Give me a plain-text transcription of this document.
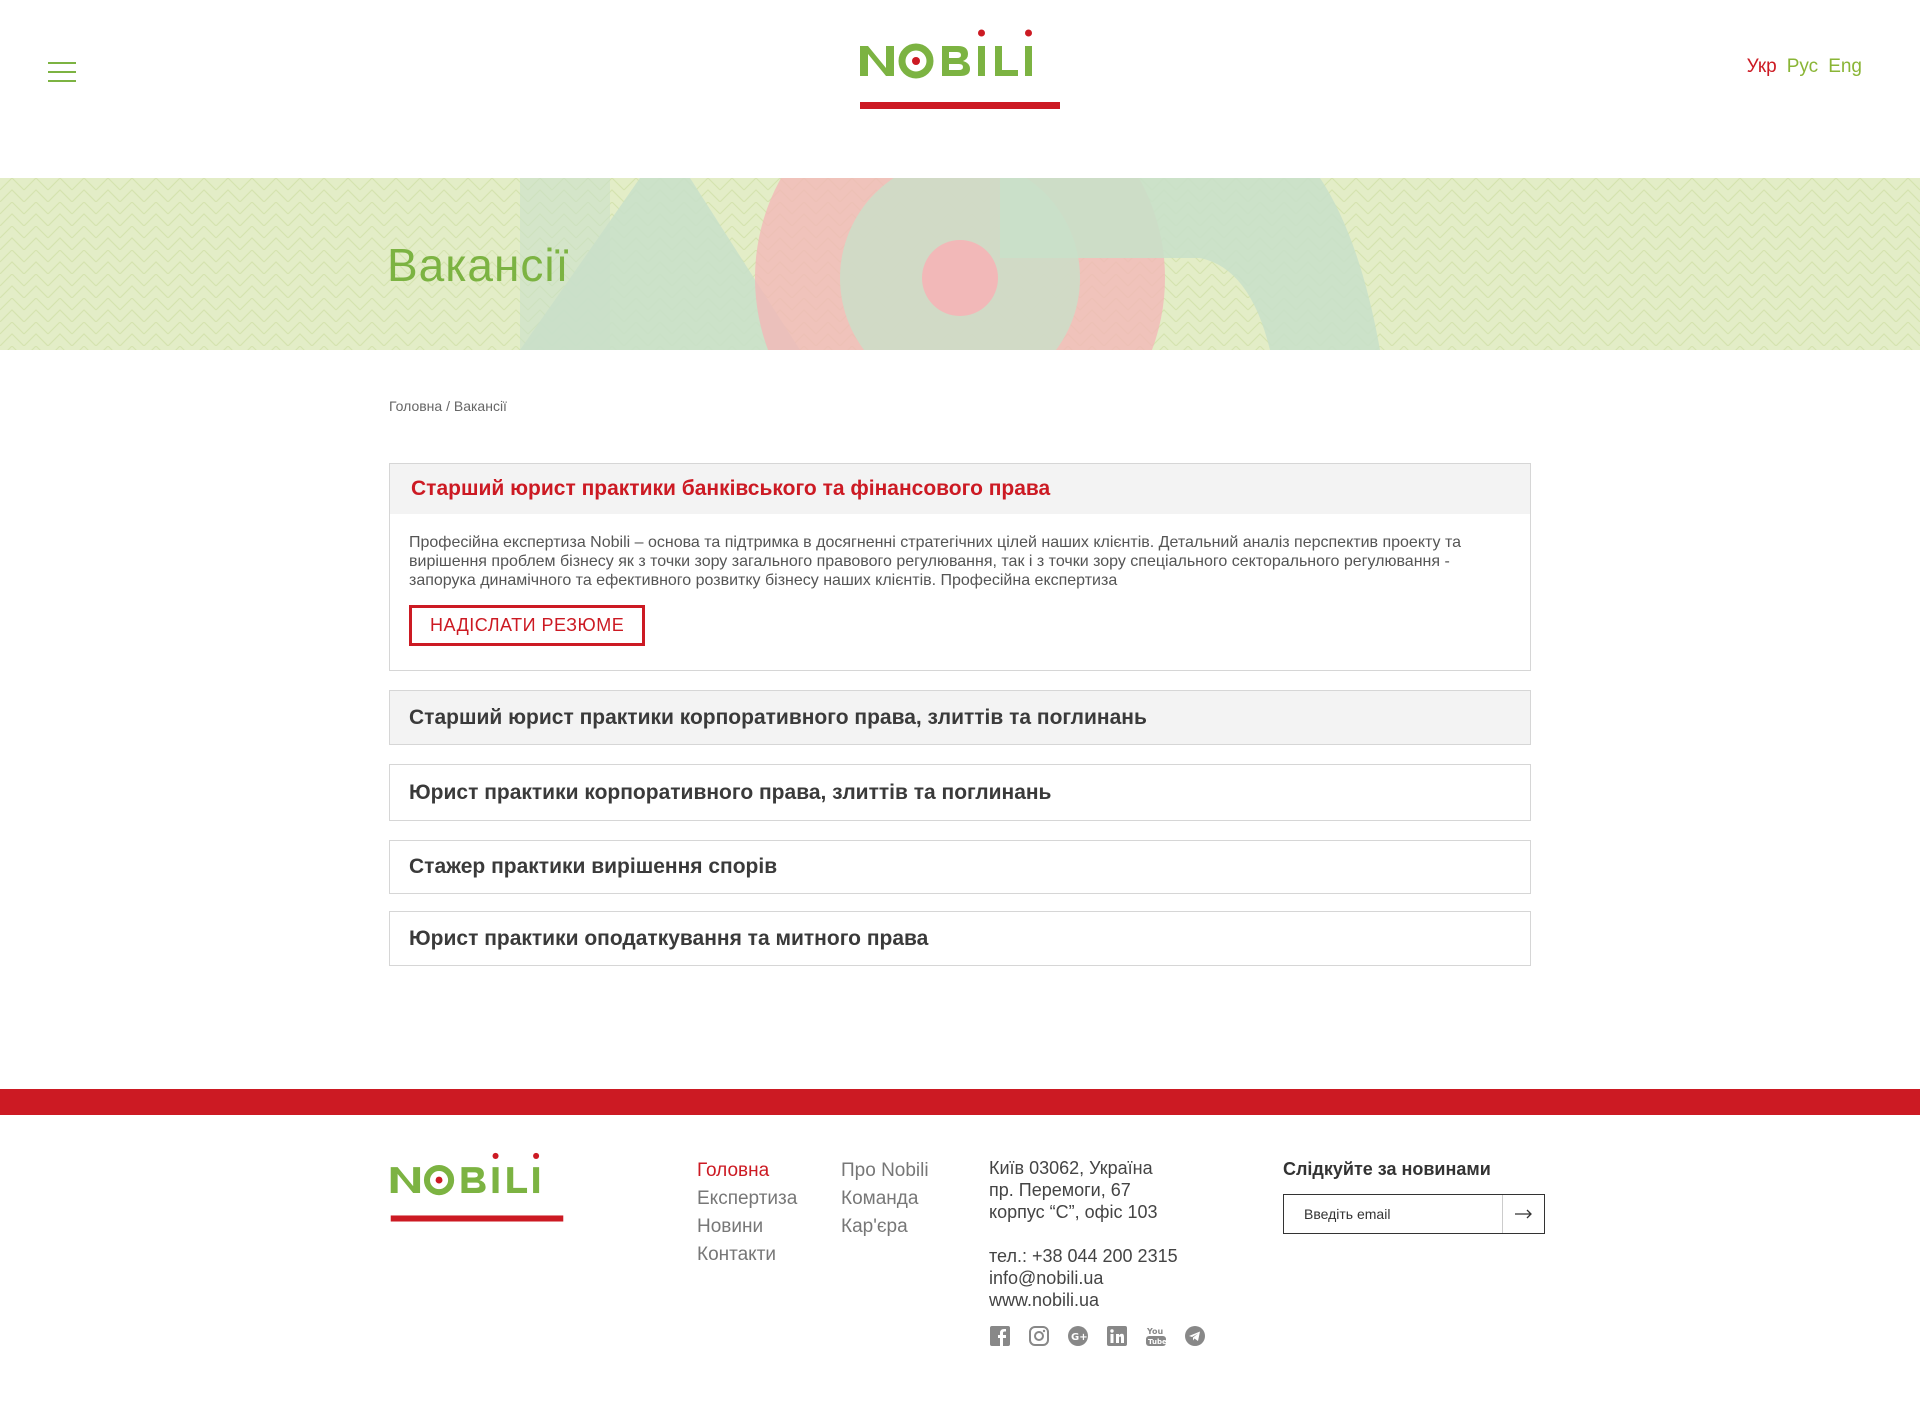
Укр Рус Eng
Вакансії
Головна / Вакансії
Старший юрист практики банківського та фінансового права

Професійна експертиза Nobili – основа та підтримка в досягненні стратегічних цілей наших клієнтів. Детальний аналіз перспектив проекту та вирішення проблем бізнесу як з точки зору загального правового регулювання, так і з точки зору спеціального секторального регулювання - запорука динамічного та ефективного розвитку бізнесу наших клієнтів. Професійна експертиза

НАДІСЛАТИ РЕЗЮМЕ
Старший юрист практики корпоративного права, злиттів та поглинань
Юрист практики корпоративного права, злиттів та поглинань
Стажер практики вирішення спорів
Юрист практики оподаткування та митного права
Головна
Експертиза
Новини
Контакти
Про Nobili
Команда
Кар'єра
Київ 03062, Україна
пр. Перемоги, 67
корпус “С”, офіс 103
тел.: +38 044 200 2315
info@nobili.ua
www.nobili.ua
G+
You
Tube
Слідкуйте за новинами
Введіть email
